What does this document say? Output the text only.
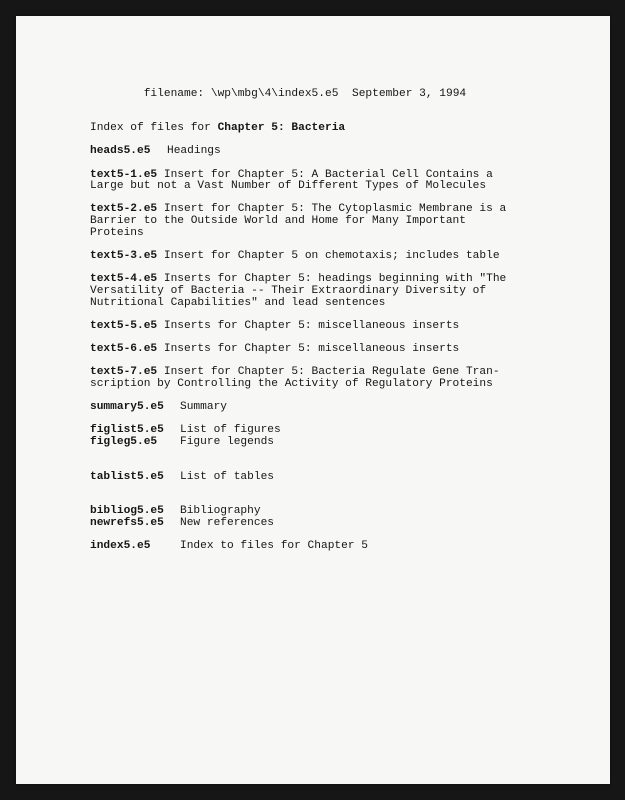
filename: \wp\mbg\4\index5.e5 September 3, 1994

Index of files for Chapter 5: Bacteria
heads5.e5 Headings
text5-1.e5 Insert for Chapter 5: A Bacterial Cell Contains a
Large but not a Vast Number of Different Types of Molecules
text5-2.e5 Insert for Chapter 5: The Cytoplasmic Membrane is a
Barrier to the Outside World and Home for Many Important
Proteins
text5-3.e5 Insert for Chapter 5 on chemotaxis; includes table
text5-4.e5 Inserts for Chapter 5: headings beginning with "The
Versatility of Bacteria -- Their Extraordinary Diversity of
Nutritional Capabilities" and lead sentences
text5-5.e5 Inserts for Chapter 5: miscellaneous inserts
text5-6.e5 Inserts for Chapter 5: miscellaneous inserts
text5-7.e5 Insert for Chapter 5: Bacteria Regulate Gene Tran-
scription by Controlling the Activity of Regulatory Proteins
summary5.e5 Summary
figlist5.e5 List of figures
figleg5.e5 Figure legends
tablist5.e5 List of tables
bibliog5.e5 Bibliography
newrefs5.e5 New references
index5.e5	Index to files for Chapter 5
